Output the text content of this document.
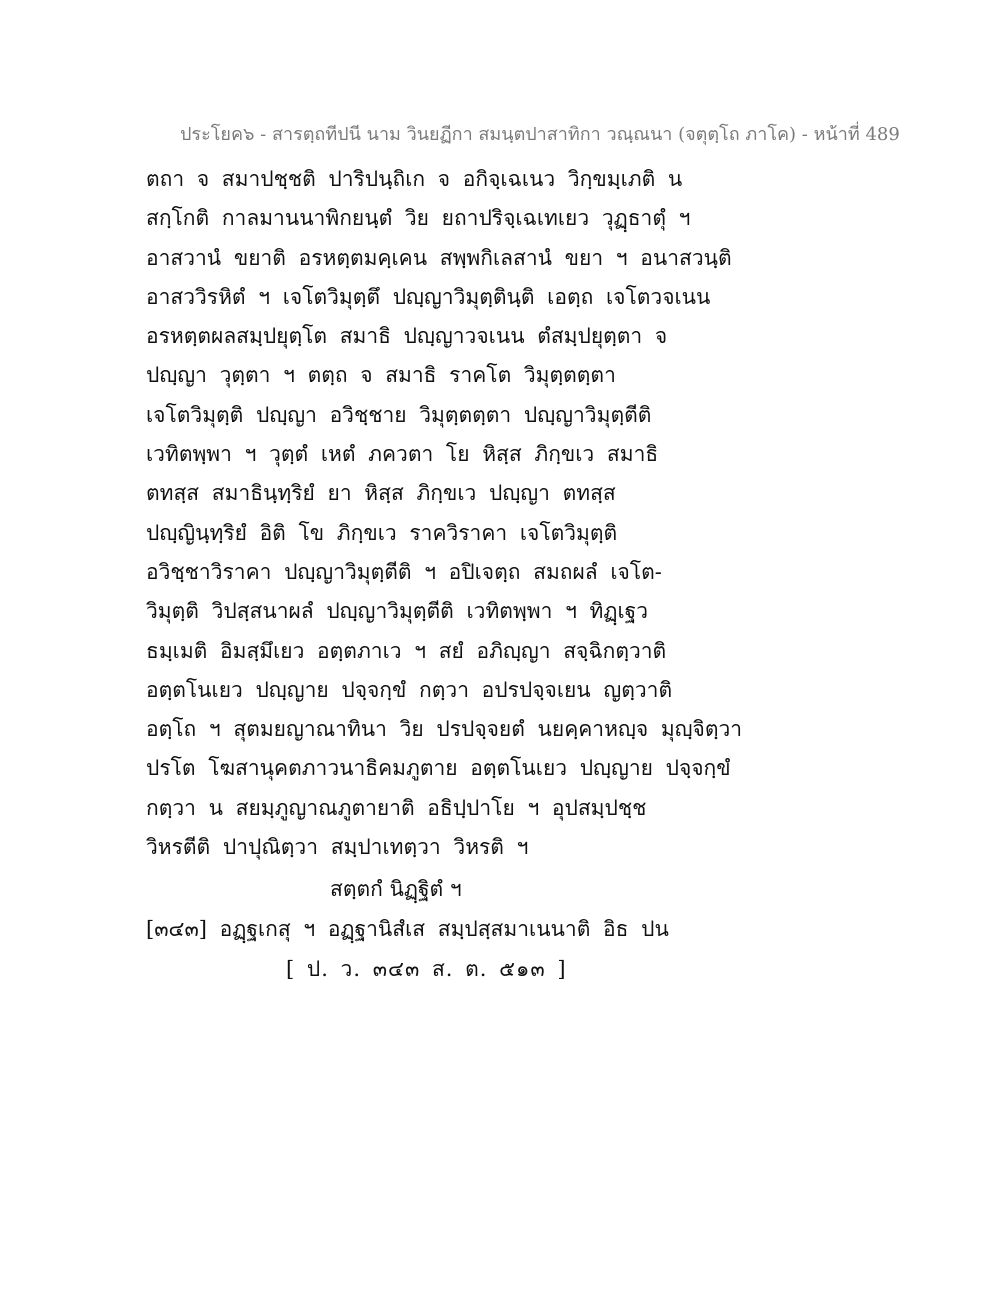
ประโยค๖ - สารตฺถทีปนี นาม วินยฏีกา สมนฺตปาสาทิกา วณฺณนา (จตุตฺโถ ภาโค) - หน้าที่ 489
ตถา จ สมาปชฺชติ ปาริปนฺถิเก จ อกิจฺเฉเนว วิกฺขมฺเภติ น
สกฺโกติ กาลมานนาพิกยนฺตํ วิย ยถาปริจฺเฉเทเยว วุฏฺธาตุํ ฯ
อาสวานํ ขยาติ อรหตฺตมคฺเคน สพฺพกิเลสานํ ขยา ฯ อนาสวนฺติ
อาสววิรหิตํ ฯ เจโตวิมุตฺตึ ปญฺญาวิมุตฺตินฺติ เอตฺถ เจโตวจเนน
อรหตฺตผลสมฺปยุตฺโต สมาธิ ปญฺญาวจเนน ตํสมฺปยุตฺตา จ
ปญฺญา วุตฺตา ฯ ตตฺถ จ สมาธิ ราคโต วิมุตฺตตฺตา
เจโตวิมุตฺติ ปญฺญา อวิชฺชาย วิมุตฺตตฺตา ปญฺญาวิมุตฺตีติ
เวทิตพฺพา ฯ วุตฺตํ เหตํ ภควตา โย หิสฺส ภิกฺขเว สมาธิ
ตทสฺส สมาธินฺทฺริยํ ยา หิสฺส ภิกฺขเว ปญฺญา ตทสฺส
ปญฺญินฺทฺริยํ อิติ โข ภิกฺขเว ราควิราคา เจโตวิมุตฺติ
อวิชฺชาวิราคา ปญฺญาวิมุตฺตีติ ฯ อปิเจตฺถ สมถผลํ เจโต-
วิมุตฺติ วิปสฺสนาผลํ ปญฺญาวิมุตฺตีติ เวทิตพฺพา ฯ ทิฏฺเฐว
ธมฺเมติ อิมสฺมึเยว อตฺตภาเว ฯ สยํ อภิญฺญา สจฺฉิกตฺวาติ
อตฺตโนเยว ปญฺญาย ปจฺจกฺขํ กตฺวา อปรปจฺจเยน ญตฺวาติ
อตฺโถ ฯ สุตมยญาณาทินา วิย ปรปจฺจยตํ นยคฺคาหญฺจ มุญฺจิตฺวา
ปรโต โฆสานุคตภาวนาธิคมภูตาย อตฺตโนเยว ปญฺญาย ปจฺจกฺขํ
กตฺวา น สยมฺภูญาณภูตายาติ อธิปฺปาโย ฯ อุปสมฺปชฺช
วิหรตีติ ปาปุณิตฺวา สมฺปาเทตฺวา วิหรติ ฯ
สตฺตกํ นิฏฺฐิตํ ฯ
[๓๔๓] อฏฺฐเกสุ ฯ อฏฺฐานิสํเส สมฺปสฺสมาเนนาติ อิธ ปน
[ ป. ว. ๓๔๓ ส. ต. ๕๑๓ ]
